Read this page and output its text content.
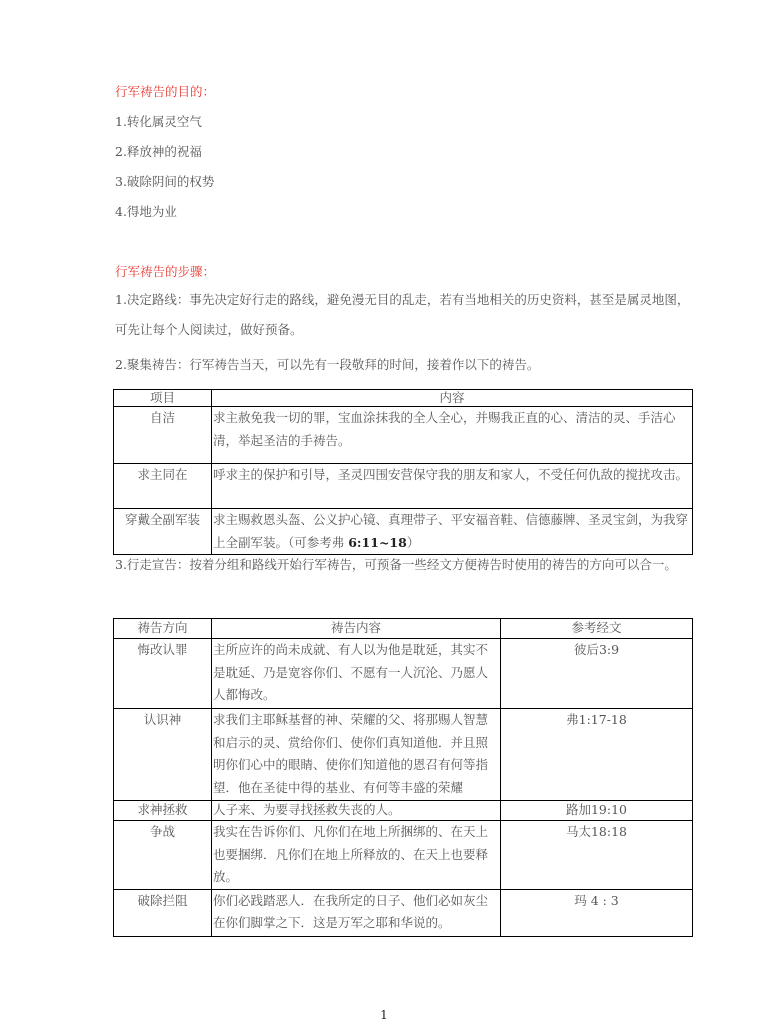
行军祷告的目的：
1.转化属灵空气
2.释放神的祝福
3.破除阴间的权势
4.得地为业
行军祷告的步骤：
1.决定路线：事先决定好行走的路线，避免漫无目的乱走，若有当地相关的历史资料，甚至是属灵地图，可先让每个人阅读过，做好预备。
2.聚集祷告：行军祷告当天，可以先有一段敬拜的时间，接着作以下的祷告。
项目	内容
自洁	求主赦免我一切的罪，宝血涂抹我的全人全心，并赐我正直的心、清洁的灵、手洁心清，举起圣洁的手祷告。
求主同在	呼求主的保护和引导，圣灵四围安营保守我的朋友和家人，不受任何仇敌的搅扰攻击。
穿戴全副军装	求主赐救恩头盔、公义护心镜、真理带子、平安福音鞋、信德藤牌、圣灵宝剑，为我穿上全副军装。（可参考弗 6:11~18）
3.行走宣告：按着分组和路线开始行军祷告，可预备一些经文方便祷告时使用的祷告的方向可以合一。
祷告方向	祷告内容	参考经文
悔改认罪	主所应许的尚未成就、有人以为他是耽延，其实不是耽延、乃是宽容你们、不愿有一人沉沦、乃愿人人都悔改。	彼后3:9
认识神	求我们主耶稣基督的神、荣耀的父、将那赐人智慧和启示的灵、赏给你们、使你们真知道他．并且照明你们心中的眼睛、使你们知道他的恩召有何等指望．他在圣徒中得的基业、有何等丰盛的荣耀	弗1:17-18
求神拯救	人子来、为要寻找拯救失丧的人。	路加19:10
争战	我实在告诉你们、凡你们在地上所捆绑的、在天上也要捆绑．凡你们在地上所释放的、在天上也要释放。	马太18:18
破除拦阻	你们必践踏恶人．在我所定的日子、他们必如灰尘在你们脚掌之下．这是万军之耶和华说的。	玛 4 : 3
1
